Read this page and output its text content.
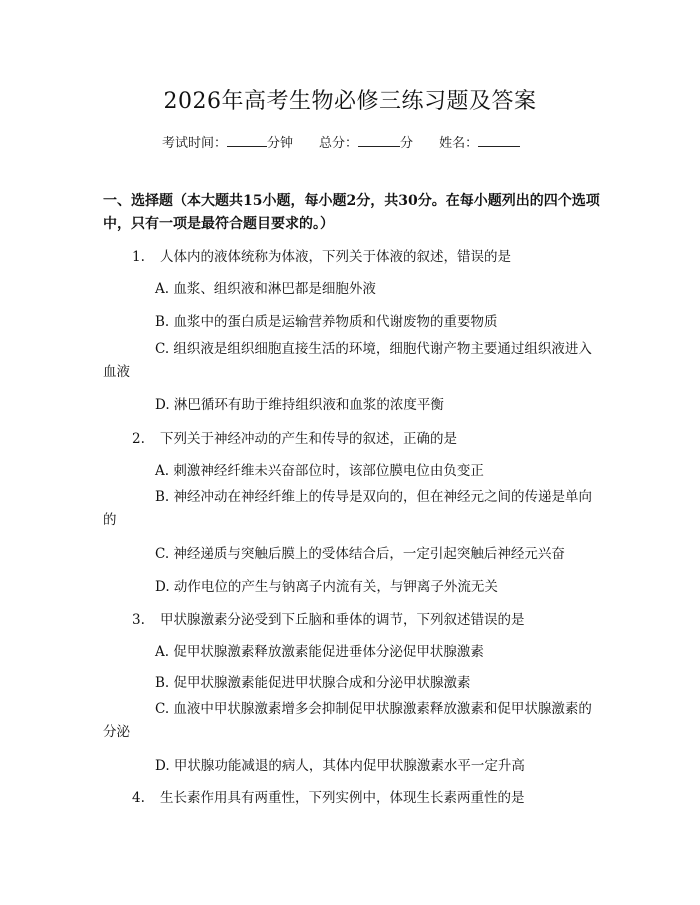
2026年高考生物必修三练习题及答案
考试时间：	分钟 总分：	分 姓名：
一、选择题（本大题共15小题，每小题2分，共30分。在每小题列出的四个选项中，只有一项是最符合题目要求的。）
1. 人体内的液体统称为体液，下列关于体液的叙述，错误的是
A. 血浆、组织液和淋巴都是细胞外液
B. 血浆中的蛋白质是运输营养物质和代谢废物的重要物质
C. 组织液是组织细胞直接生活的环境，细胞代谢产物主要通过组织液进入血液
D. 淋巴循环有助于维持组织液和血浆的浓度平衡
2. 下列关于神经冲动的产生和传导的叙述，正确的是
A. 刺激神经纤维未兴奋部位时，该部位膜电位由负变正
B. 神经冲动在神经纤维上的传导是双向的，但在神经元之间的传递是单向的
C. 神经递质与突触后膜上的受体结合后，一定引起突触后神经元兴奋
D. 动作电位的产生与钠离子内流有关，与钾离子外流无关
3. 甲状腺激素分泌受到下丘脑和垂体的调节，下列叙述错误的是
A. 促甲状腺激素释放激素能促进垂体分泌促甲状腺激素
B. 促甲状腺激素能促进甲状腺合成和分泌甲状腺激素
C. 血液中甲状腺激素增多会抑制促甲状腺激素释放激素和促甲状腺激素的分泌
D. 甲状腺功能减退的病人，其体内促甲状腺激素水平一定升高
4. 生长素作用具有两重性，下列实例中，体现生长素两重性的是
